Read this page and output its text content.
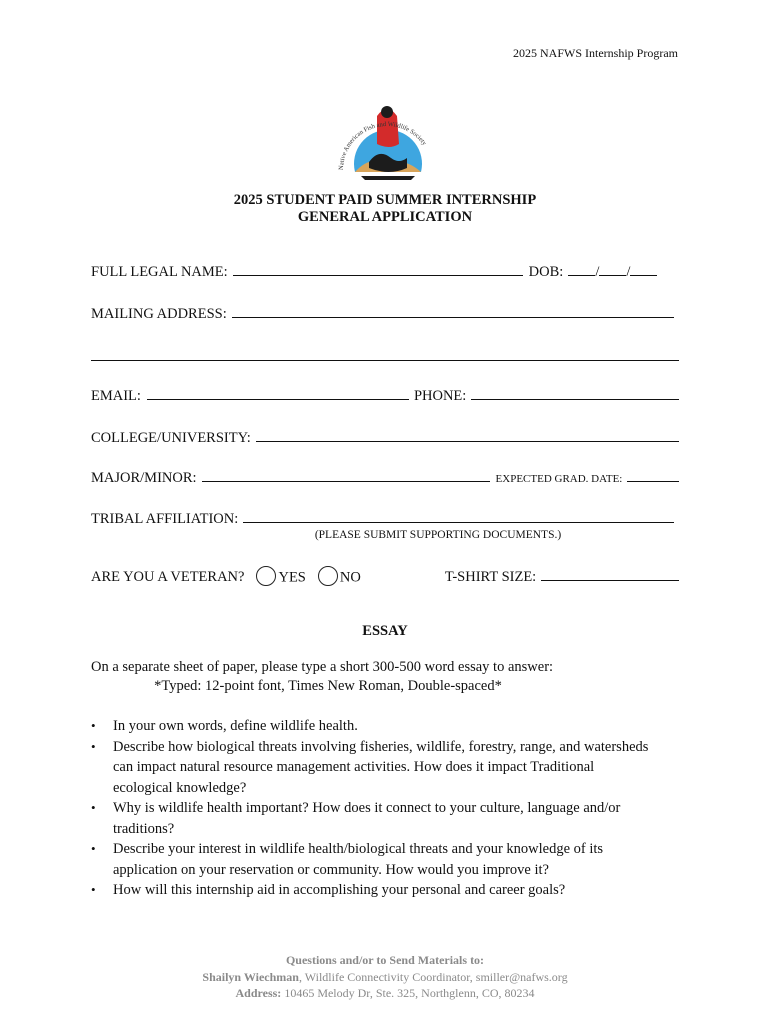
2025 NAFWS Internship Program
Native American Fish and Wildlife Society
2025 STUDENT PAID SUMMER INTERNSHIP
GENERAL APPLICATION
FULL LEGAL NAME:	DOB: / /
MAILING ADDRESS:
EMAIL:	PHONE:
COLLEGE/UNIVERSITY:
MAJOR/MINOR:	EXPECTED GRAD. DATE:
TRIBAL AFFILIATION:
(PLEASE SUBMIT SUPPORTING DOCUMENTS.)
ARE YOU A VETERAN?	YES	NO	T-SHIRT SIZE:
ESSAY
On a separate sheet of paper, please type a short 300-500 word essay to answer:
*Typed: 12-point font, Times New Roman, Double-spaced*
• In your own words, define wildlife health.
• Describe how biological threats involving fisheries, wildlife, forestry, range, and watersheds can impact natural resource management activities. How does it impact Traditional ecological knowledge?
• Why is wildlife health important? How does it connect to your culture, language and/or traditions?
• Describe your interest in wildlife health/biological threats and your knowledge of its application on your reservation or community. How would you improve it?
• How will this internship aid in accomplishing your personal and career goals?
Questions and/or to Send Materials to:
Shailyn Wiechman, Wildlife Connectivity Coordinator, smiller@nafws.org
Address: 10465 Melody Dr, Ste. 325, Northglenn, CO, 80234
